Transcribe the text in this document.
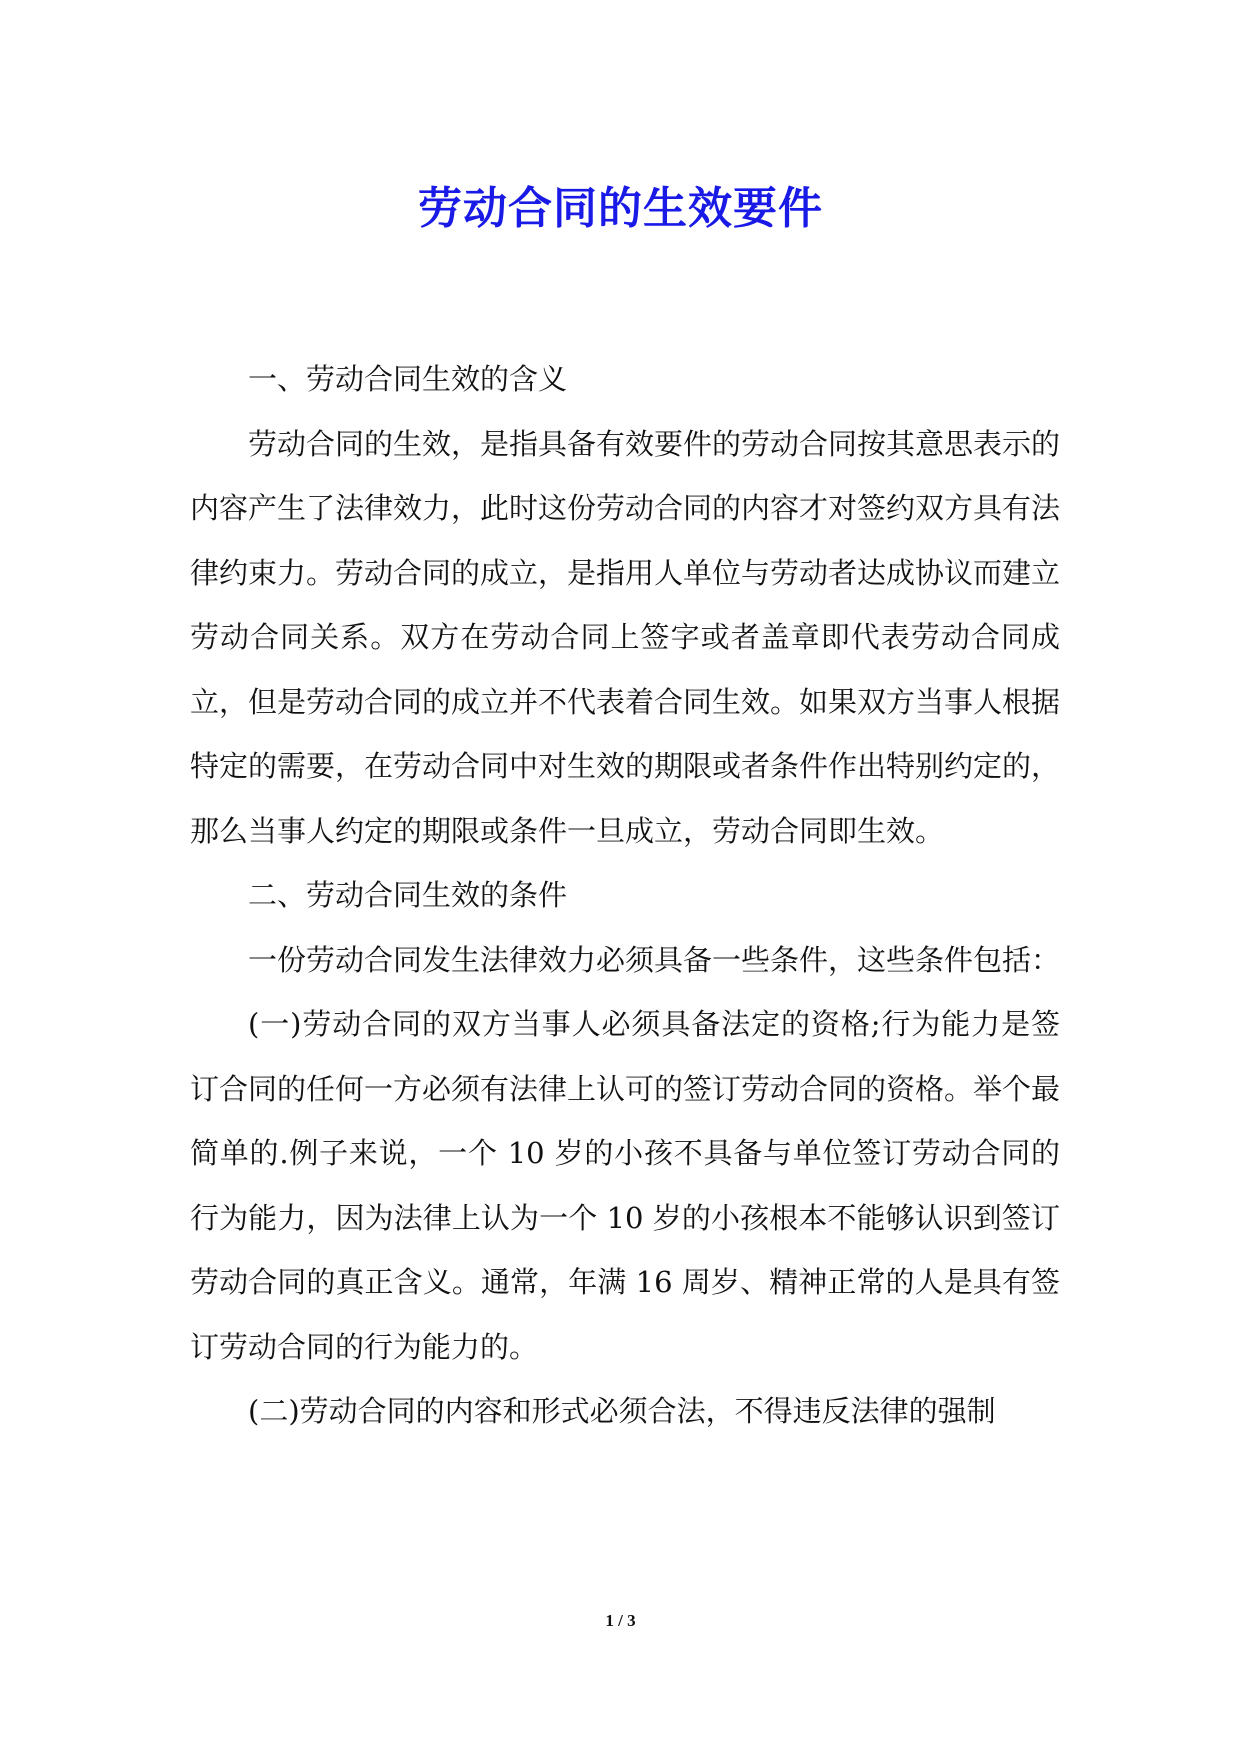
劳动合同的生效要件

一、劳动合同生效的含义

劳动合同的生效，是指具备有效要件的劳动合同按其意思表示的内容产生了法律效力，此时这份劳动合同的内容才对签约双方具有法律约束力。劳动合同的成立，是指用人单位与劳动者达成协议而建立劳动合同关系。双方在劳动合同上签字或者盖章即代表劳动合同成立，但是劳动合同的成立并不代表着合同生效。如果双方当事人根据特定的需要，在劳动合同中对生效的期限或者条件作出特别约定的，那么当事人约定的期限或条件一旦成立，劳动合同即生效。

二、劳动合同生效的条件

一份劳动合同发生法律效力必须具备一些条件，这些条件包括：

(一)劳动合同的双方当事人必须具备法定的资格;行为能力是签订合同的任何一方必须有法律上认可的签订劳动合同的资格。举个最简单的.例子来说，一个 10 岁的小孩不具备与单位签订劳动合同的行为能力，因为法律上认为一个 10 岁的小孩根本不能够认识到签订劳动合同的真正含义。通常，年满 16 周岁、精神正常的人是具有签订劳动合同的行为能力的。

(二)劳动合同的内容和形式必须合法，不得违反法律的强制

1 / 3
